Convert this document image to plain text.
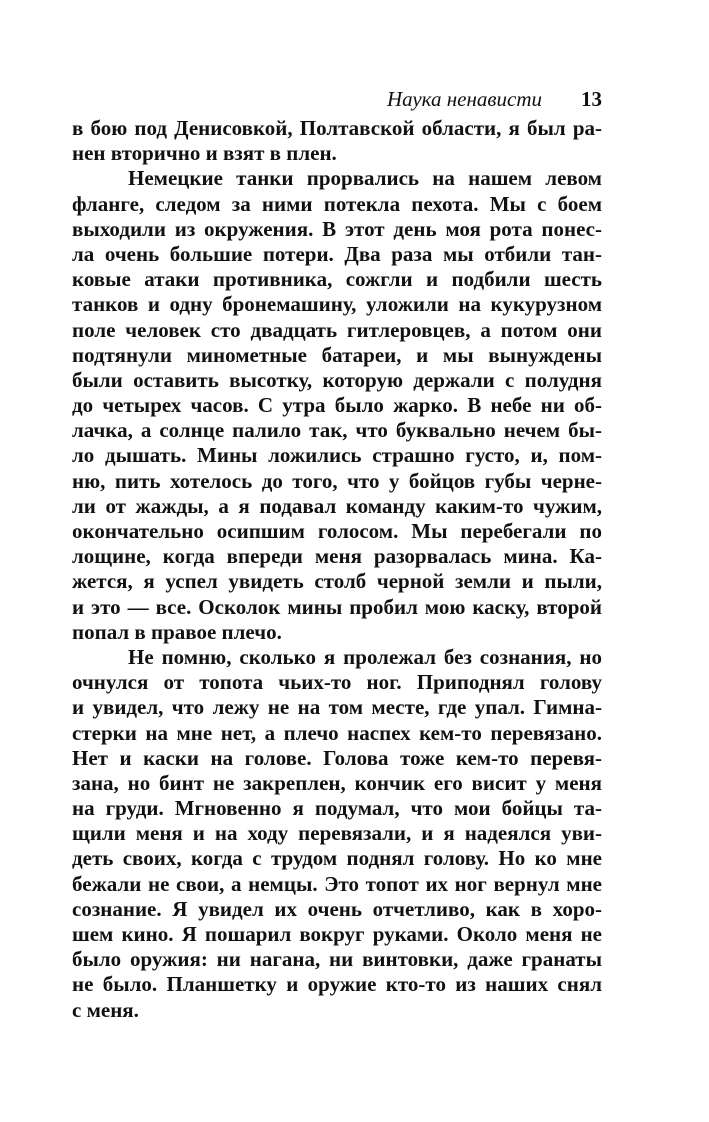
Наука ненависти 13
в бою под Денисовкой, Полтавской области, я был ра-
нен вторично и взят в плен.
Немецкие танки прорвались на нашем левом
фланге, следом за ними потекла пехота. Мы с боем
выходили из окружения. В этот день моя рота понес-
ла очень большие потери. Два раза мы отбили тан-
ковые атаки противника, сожгли и подбили шесть
танков и одну бронемашину, уложили на кукурузном
поле человек сто двадцать гитлеровцев, а потом они
подтянули минометные батареи, и мы вынуждены
были оставить высотку, которую держали с полудня
до четырех часов. С утра было жарко. В небе ни об-
лачка, а солнце палило так, что буквально нечем бы-
ло дышать. Мины ложились страшно густо, и, пом-
ню, пить хотелось до того, что у бойцов губы черне-
ли от жажды, а я подавал команду каким-то чужим,
окончательно осипшим голосом. Мы перебегали по
лощине, когда впереди меня разорвалась мина. Ка-
жется, я успел увидеть столб черной земли и пыли,
и это — все. Осколок мины пробил мою каску, второй
попал в правое плечо.
Не помню, сколько я пролежал без сознания, но
очнулся от топота чьих-то ног. Приподнял голову
и увидел, что лежу не на том месте, где упал. Гимна-
стерки на мне нет, а плечо наспех кем-то перевязано.
Нет и каски на голове. Голова тоже кем-то перевя-
зана, но бинт не закреплен, кончик его висит у меня
на груди. Мгновенно я подумал, что мои бойцы та-
щили меня и на ходу перевязали, и я надеялся уви-
деть своих, когда с трудом поднял голову. Но ко мне
бежали не свои, а немцы. Это топот их ног вернул мне
сознание. Я увидел их очень отчетливо, как в хоро-
шем кино. Я пошарил вокруг руками. Около меня не
было оружия: ни нагана, ни винтовки, даже гранаты
не было. Планшетку и оружие кто-то из наших снял
с меня.
